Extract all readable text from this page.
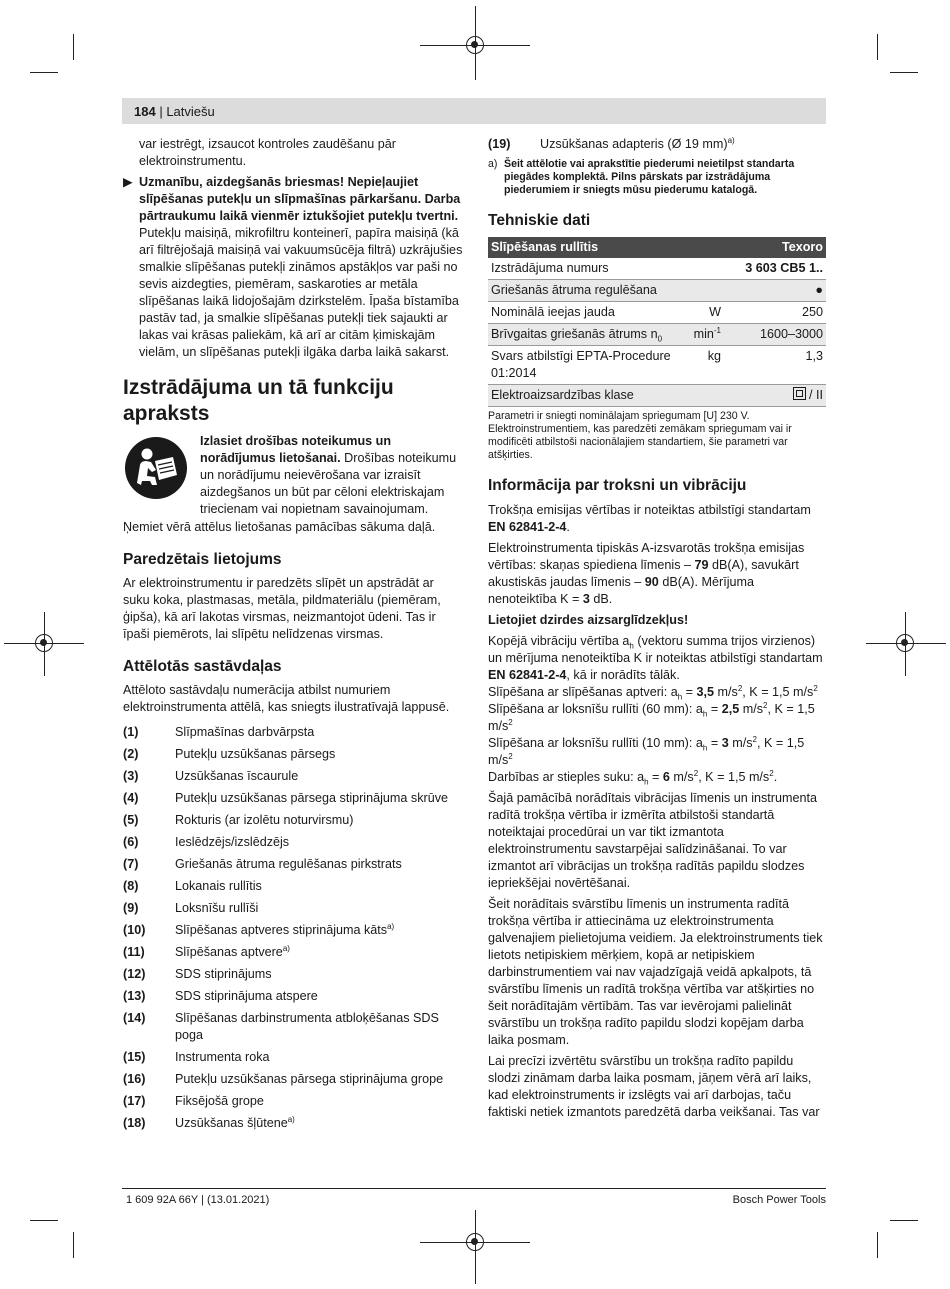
184 | Latviešu

var iestrēgt, izsaucot kontroles zaudēšanu pār elektroinstrumentu.

▶ Uzmanību, aizdegšanās briesmas! Nepieļaujiet slīpēšanas putekļu un slīpmašīnas pārkaršanu. Darba pārtraukumu laikā vienmēr iztukšojiet putekļu tvertni. Putekļu maisiņā, mikrofiltru konteinerī, papīra maisiņā (kā arī filtrējošajā maisiņā vai vakuumsūcēja filtrā) uzkrājušies smalkie slīpēšanas putekļi zināmos apstākļos var paši no sevis aizdegties, piemēram, saskaroties ar metāla slīpēšanas laikā lidojošajām dzirkstelēm. Īpaša bīstamība pastāv tad, ja smalkie slīpēšanas putekļi tiek sajaukti ar lakas vai krāsas paliekām, kā arī ar citām ķimiskajām vielām, un slīpēšanas putekļi ilgāka darba laikā sakarst.
Izstrādājuma un tā funkciju apraksts
Izlasiet drošības noteikumus un norādījumus lietošanai. Drošības noteikumu un norādījumu neievērošana var izraisīt aizdegšanos un būt par cēloni elektriskajam triecienam vai nopietnam savainojumam.

Ņemiet vērā attēlus lietošanas pamācības sākuma daļā.

Paredzētais lietojums

Ar elektroinstrumentu ir paredzēts slīpēt un apstrādāt ar suku koka, plastmasas, metāla, pildmateriālu (piemēram, ģipša), kā arī lakotas virsmas, neizmantojot ūdeni. Tas ir īpaši piemērots, lai slīpētu nelīdzenas virsmas.

Attēlotās sastāvdaļas

Attēloto sastāvdaļu numerācija atbilst numuriem elektroinstrumenta attēlā, kas sniegts ilustratīvajā lappusē.

(1)	Slīpmašīnas darbvārpsta
(2)	Putekļu uzsūkšanas pārsegs
(3)	Uzsūkšanas īscaurule
(4)	Putekļu uzsūkšanas pārsega stiprinājuma skrūve
(5)	Rokturis (ar izolētu noturvirsmu)
(6)	Ieslēdzējs/izslēdzējs
(7)	Griešanās ātruma regulēšanas pirkstrats
(8)	Lokanais rullītis
(9)	Loksnīšu rullīši
(10)	Slīpēšanas aptveres stiprinājuma kāts$^{a)}$
(11)	Slīpēšanas aptvere$^{a)}$
(12)	SDS stiprinājums
(13)	SDS stiprinājuma atspere
(14)	Slīpēšanas darbinstrumenta atbloķēšanas SDS poga
(15)	Instrumenta roka
(16)	Putekļu uzsūkšanas pārsega stiprinājuma grope
(17)	Fiksējošā grope
(18)	Uzsūkšanas šļūtene$^{a)}$
(19)	Uzsūkšanas adapteris (Ø 19 mm)$^{a)}$
a) Šeit attēlotie vai aprakstītie piederumi neietilpst standarta piegādes komplektā. Pilns pārskats par izstrādājuma piederumiem ir sniegts mūsu piederumu katalogā.
Tehniskie dati
Slīpēšanas rullītis		Texoro
Izstrādājuma numurs		3 603 CB5 1..
Griešanās ātruma regulēšana		●
Nominālā ieejas jauda	W	250
Brīvgaitas griešanās ātrums $n_0$	$\min^{-1}$	1600‒3000
Svars atbilstīgi EPTA-Procedure 01:2014	kg	1,3
Elektroaizsardzības klase		/ II

Parametri ir sniegti nominālajam spriegumam [U] 230 V. Elektroinstrumentiem, kas paredzēti zemākam spriegumam vai ir modificēti atbilstoši nacionālajiem standartiem, šie parametri var atšķirties.

Informācija par troksni un vibrāciju

Trokšņa emisijas vērtības ir noteiktas atbilstīgi standartam EN 62841-2-4.

Elektroinstrumenta tipiskās A-izsvarotās trokšņa emisijas vērtības: skaņas spiediena līmenis – 79 dB(A), savukārt akustiskās jaudas līmenis – 90 dB(A). Mērījuma nenoteiktība K = 3 dB.

Lietojiet dzirdes aizsarglīdzekļus!

Kopējā vibrāciju vērtība $a_h$ (vektoru summa trijos virzienos) un mērījuma nenoteiktība K ir noteiktas atbilstīgi standartam EN 62841-2-4, kā ir norādīts tālāk.

Slīpēšana ar slīpēšanas aptveri: $a_h = 3,5$ $m/s^2$, K = 1,5 $m/s^2$
Slīpēšana ar loksnīšu rullīti (60 mm): $a_h = 2,5$ $m/s^2$, K = 1,5 $m/s^2$
Slīpēšana ar loksnīšu rullīti (10 mm): $a_h = 3$ $m/s^2$, K = 1,5 $m/s^2$
Darbības ar stieples suku: $a_h = 6$ $m/s^2$, K = 1,5 $m/s^2$.

Šajā pamācībā norādītais vibrācijas līmenis un instrumenta radītā trokšņa vērtība ir izmērīta atbilstoši standartā noteiktajai procedūrai un var tikt izmantota elektroinstrumentu savstarpējai salīdzināšanai. To var izmantot arī vibrācijas un trokšņa radītās papildu slodzes iepriekšējai novērtēšanai.

Šeit norādītais svārstību līmenis un instrumenta radītā trokšņa vērtība ir attiecināma uz elektroinstrumenta galvenajiem pielietojuma veidiem. Ja elektroinstruments tiek lietots netipiskiem mērķiem, kopā ar netipiskiem darbinstrumentiem vai nav vajadzīgajā veidā apkalpots, tā svārstību līmenis un radītā trokšņa vērtība var atšķirties no šeit norādītajām vērtībām. Tas var ievērojami palielināt svārstību un trokšņa radīto papildu slodzi kopējam darba laika posmam.

Lai precīzi izvērtētu svārstību un trokšņa radīto papildu slodzi zināmam darba laika posmam, jāņem vērā arī laiks, kad elektroinstruments ir izslēgts vai arī darbojas, taču faktiski netiek izmantots paredzētā darba veikšanai. Tas var

1 609 92A 66Y | (13.01.2021)	Bosch Power Tools
